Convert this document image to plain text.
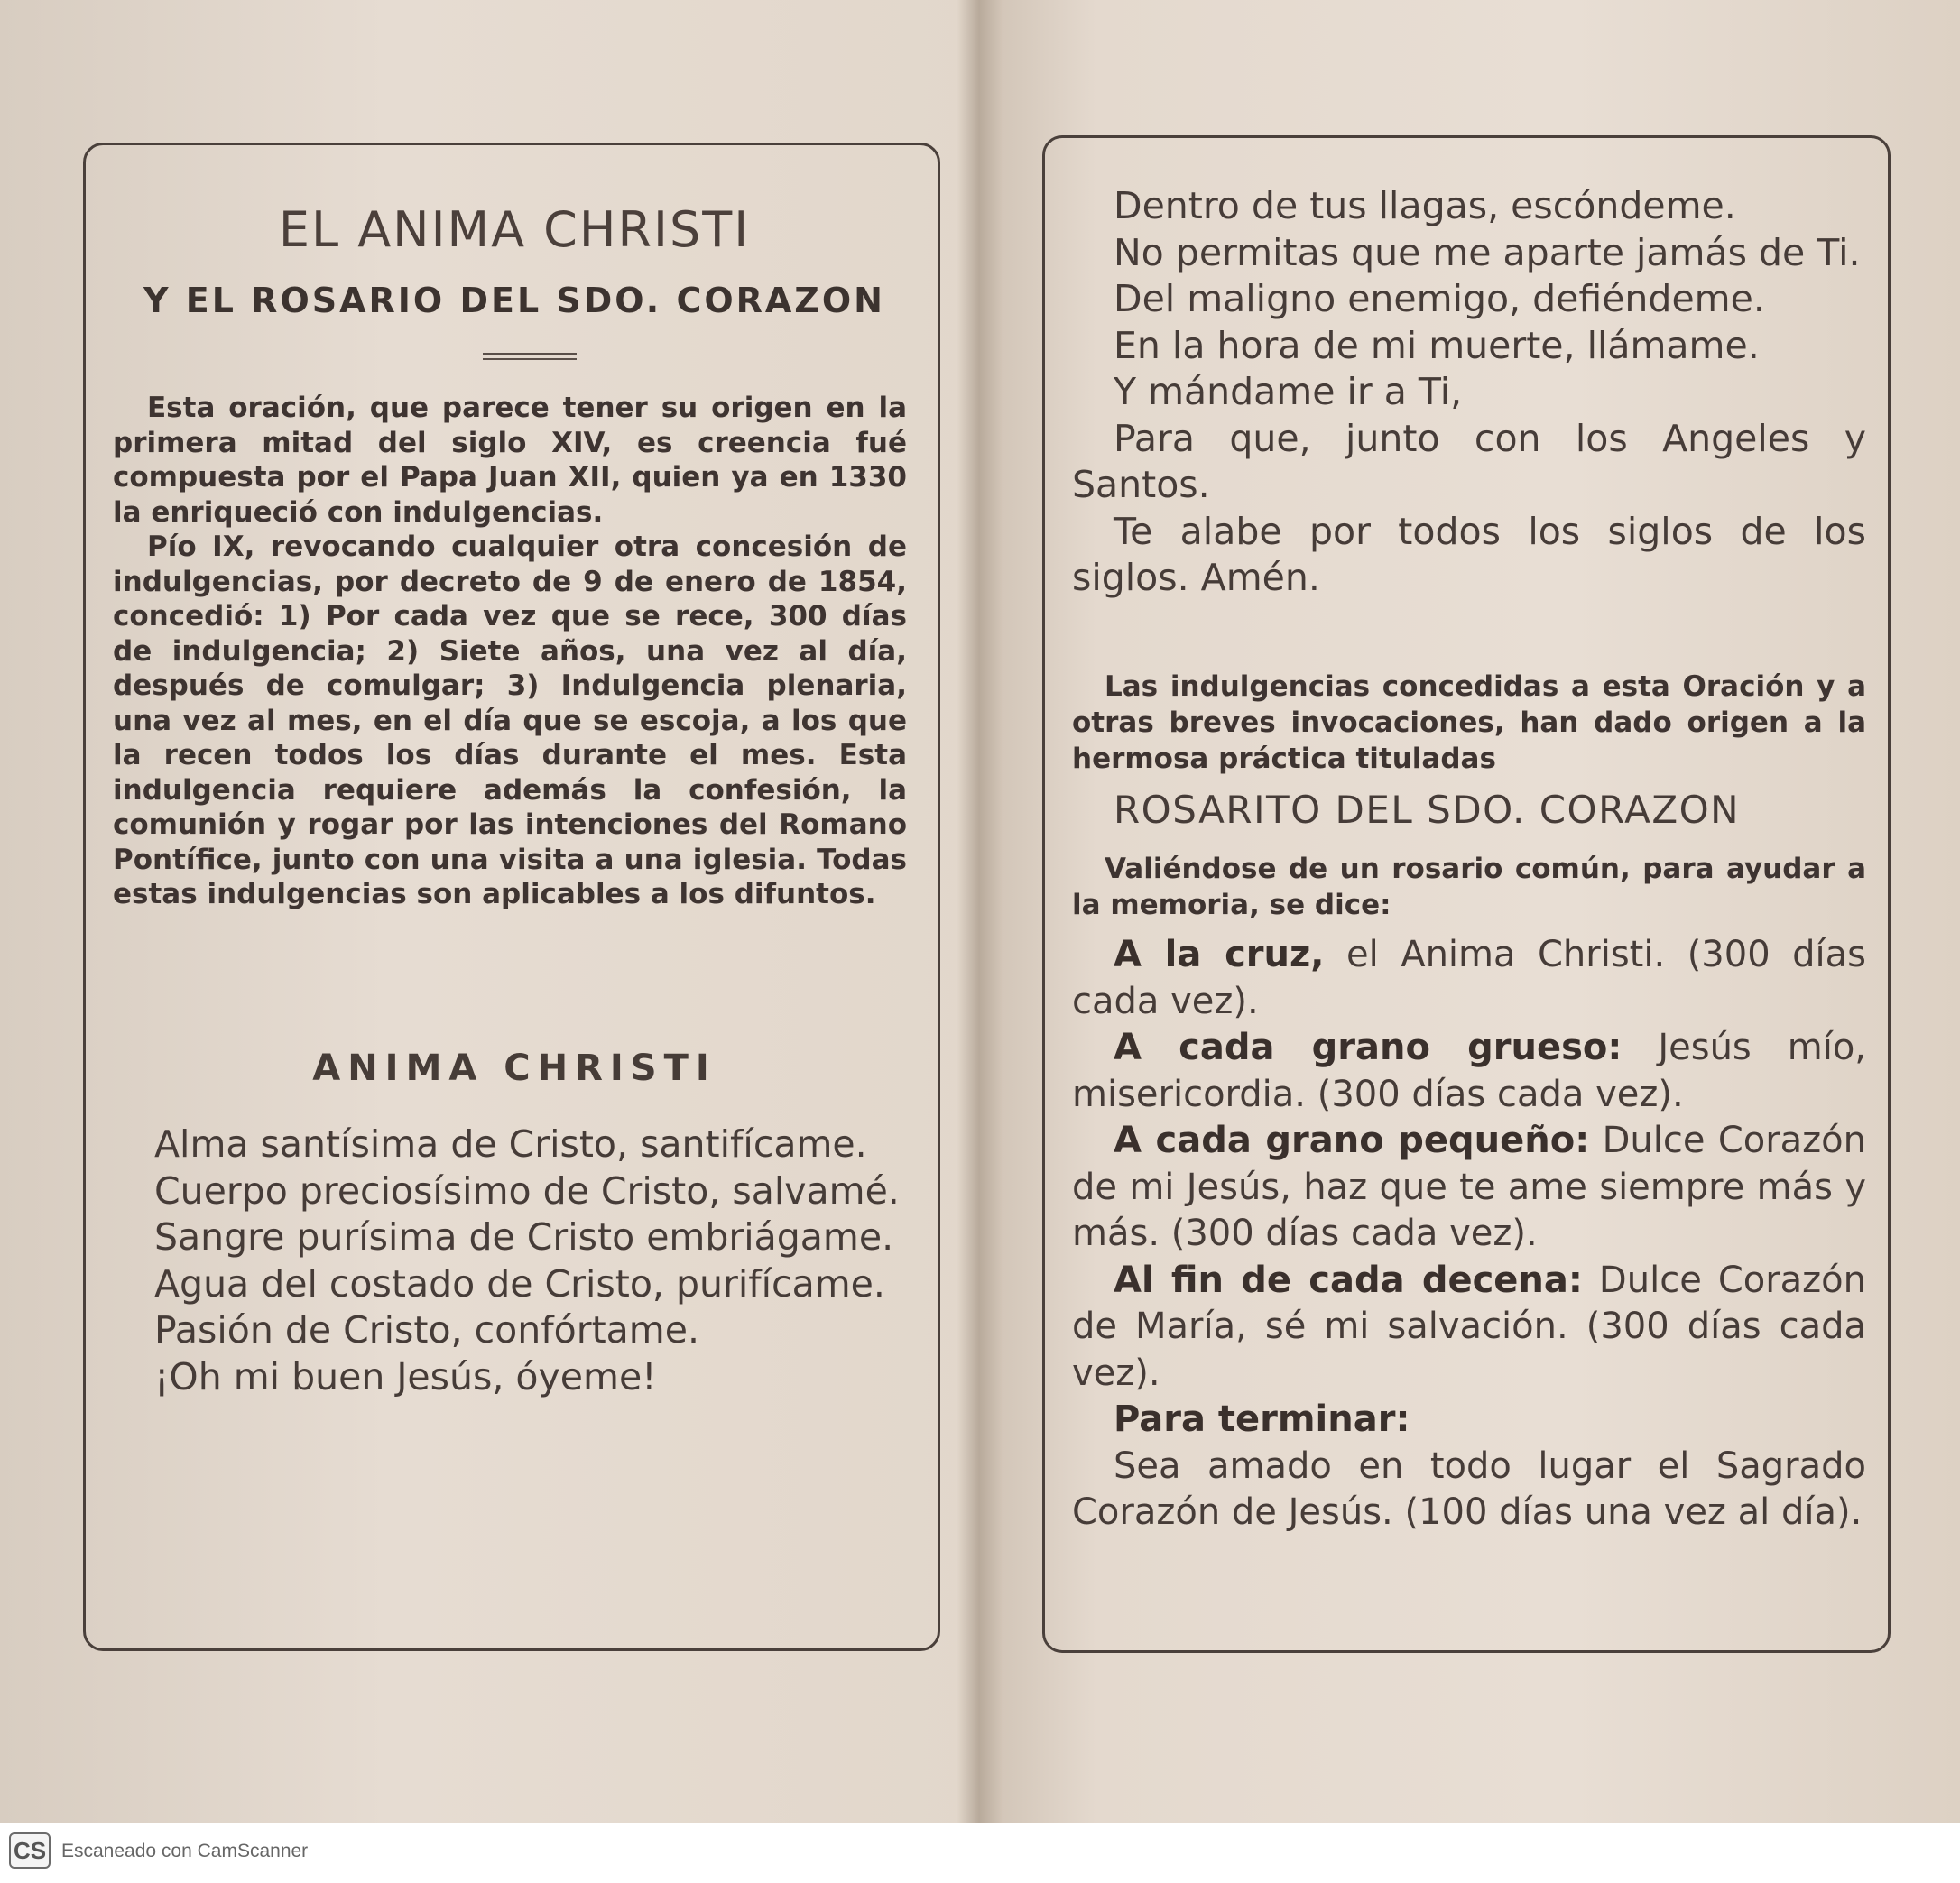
EL ANIMA CHRISTI
Y EL ROSARIO DEL SDO. CORAZON

Esta oración, que parece tener su origen en la primera mitad del siglo XIV, es creencia fué compuesta por el Papa Juan XII, quien ya en 1330 la enriqueció con indulgencias.

Pío IX, revocando cualquier otra concesión de indulgencias, por decreto de 9 de enero de 1854, concedió: 1) Por cada vez que se rece, 300 días de indulgencia; 2) Siete años, una vez al día, después de comulgar; 3) Indulgencia plenaria, una vez al mes, en el día que se escoja, a los que la recen todos los días durante el mes. Esta indulgencia requiere además la confesión, la comunión y rogar por las intenciones del Romano Pontífice, junto con una visita a una iglesia. Todas estas indulgencias son aplicables a los difuntos.

ANIMA CHRISTI

Alma santísima de Cristo, santifícame.

Cuerpo preciosísimo de Cristo, salvamé.

Sangre purísima de Cristo embriágame.

Agua del costado de Cristo, purifícame.

Pasión de Cristo, confórtame.

¡Oh mi buen Jesús, óyeme!

Dentro de tus llagas, escóndeme.

No permitas que me aparte jamás de Ti.

Del maligno enemigo, defiéndeme.

En la hora de mi muerte, llámame.

Y mándame ir a Ti,

Para que, junto con los Angeles y Santos.

Te alabe por todos los siglos de los siglos. Amén.

Las indulgencias concedidas a esta Oración y a otras breves invocaciones, han dado origen a la hermosa práctica tituladas

ROSARITO DEL SDO. CORAZON

Valiéndose de un rosario común, para ayudar a la memoria, se dice:

A la cruz, el Anima Christi. (300 días cada vez).

A cada grano grueso: Jesús mío, misericordia. (300 días cada vez).

A cada grano pequeño: Dulce Corazón de mi Jesús, haz que te ame siempre más y más. (300 días cada vez).

Al fin de cada decena: Dulce Corazón de María, sé mi salvación. (300 días cada vez).

Para terminar:

Sea amado en todo lugar el Sagrado Corazón de Jesús. (100 días una vez al día).

CS Escaneado con CamScanner
